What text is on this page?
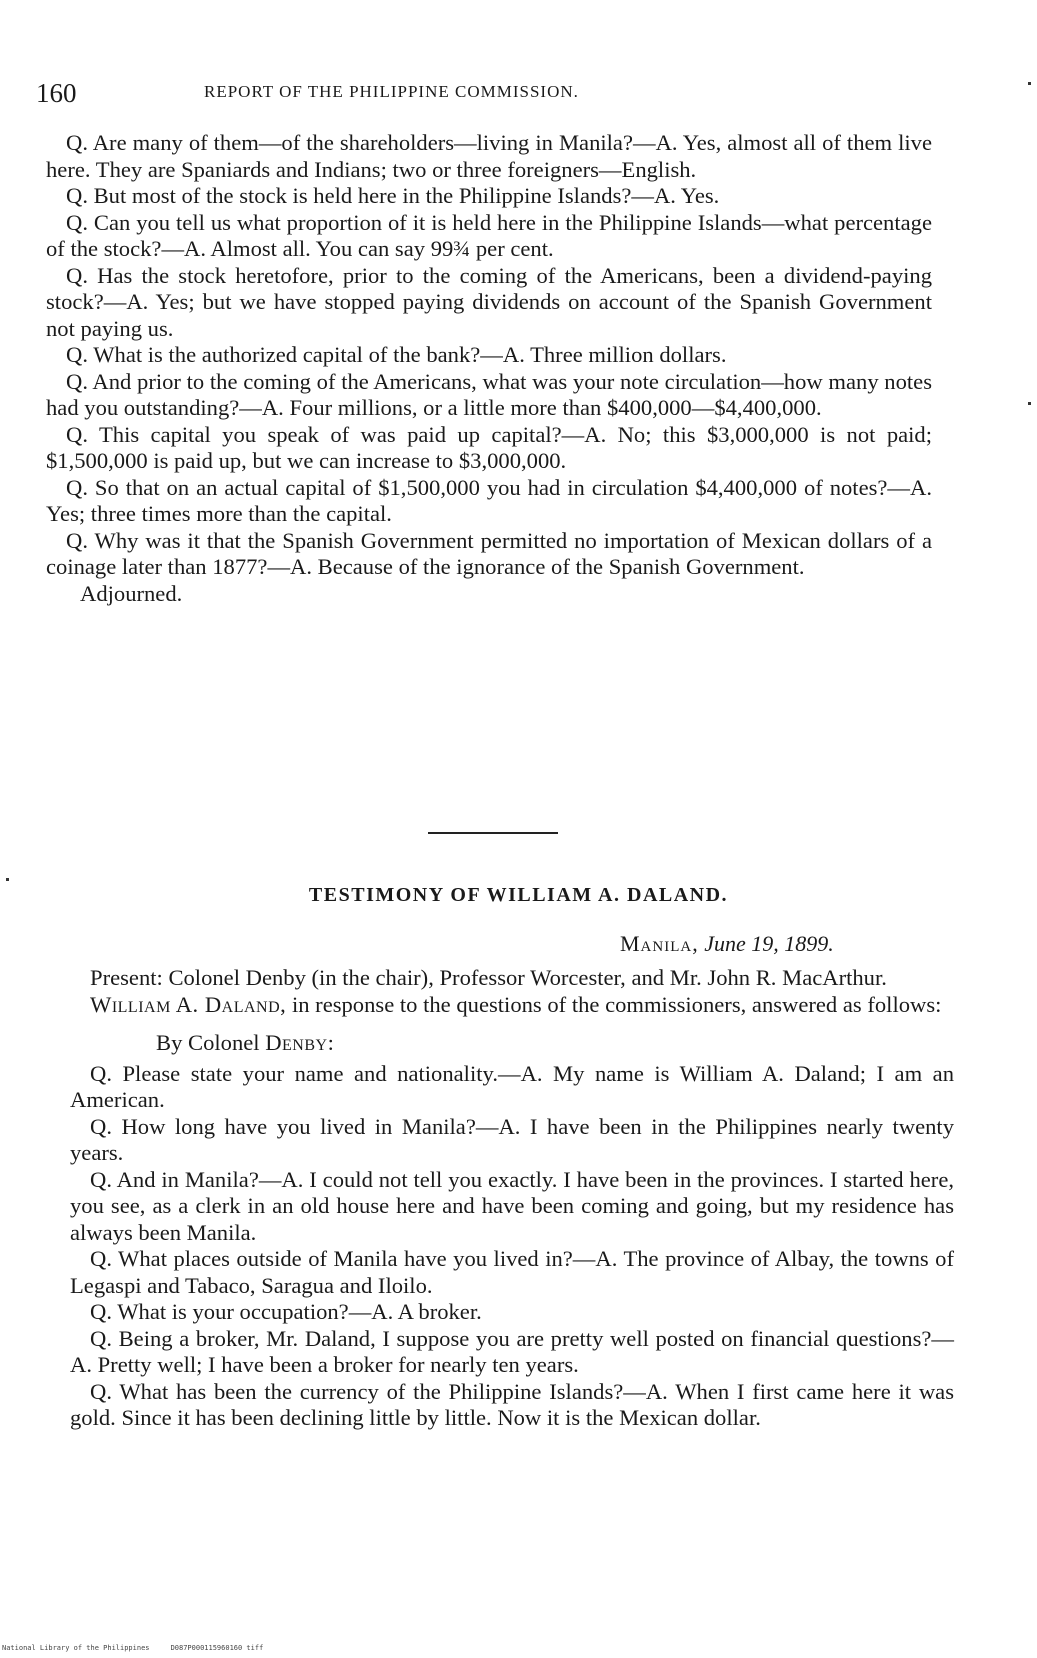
160	REPORT OF THE PHILIPPINE COMMISSION.

Q. Are many of them—of the shareholders—living in Manila?—A. Yes, almost all of them live here. They are Spaniards and Indians; two or three foreigners—English.

Q. But most of the stock is held here in the Philippine Islands?—A. Yes.

Q. Can you tell us what proportion of it is held here in the Philippine Islands—what percentage of the stock?—A. Almost all. You can say 99¾ per cent.

Q. Has the stock heretofore, prior to the coming of the Americans, been a dividend-paying stock?—A. Yes; but we have stopped paying dividends on account of the Spanish Government not paying us.

Q. What is the authorized capital of the bank?—A. Three million dollars.

Q. And prior to the coming of the Americans, what was your note circulation—how many notes had you outstanding?—A. Four millions, or a little more than $400,000—$4,400,000.

Q. This capital you speak of was paid up capital?—A. No; this $3,000,000 is not paid; $1,500,000 is paid up, but we can increase to $3,000,000.

Q. So that on an actual capital of $1,500,000 you had in circulation $4,400,000 of notes?—A. Yes; three times more than the capital.

Q. Why was it that the Spanish Government permitted no importation of Mexican dollars of a coinage later than 1877?—A. Because of the ignorance of the Spanish Government.

Adjourned.

TESTIMONY OF WILLIAM A. DALAND.
Manila, June 19, 1899.

Present: Colonel Denby (in the chair), Professor Worcester, and Mr. John R. MacArthur.

William A. Daland, in response to the questions of the commissioners, answered as follows:

By Colonel Denby:

Q. Please state your name and nationality.—A. My name is William A. Daland; I am an American.

Q. How long have you lived in Manila?—A. I have been in the Philippines nearly twenty years.

Q. And in Manila?—A. I could not tell you exactly. I have been in the provinces. I started here, you see, as a clerk in an old house here and have been coming and going, but my residence has always been Manila.

Q. What places outside of Manila have you lived in?—A. The province of Albay, the towns of Legaspi and Tabaco, Saragua and Iloilo.

Q. What is your occupation?—A. A broker.

Q. Being a broker, Mr. Daland, I suppose you are pretty well posted on financial questions?—A. Pretty well; I have been a broker for nearly ten years.

Q. What has been the currency of the Philippine Islands?—A. When I first came here it was gold. Since it has been declining little by little. Now it is the Mexican dollar.

National Library of the Philippines     D087P000115960160 tiff
